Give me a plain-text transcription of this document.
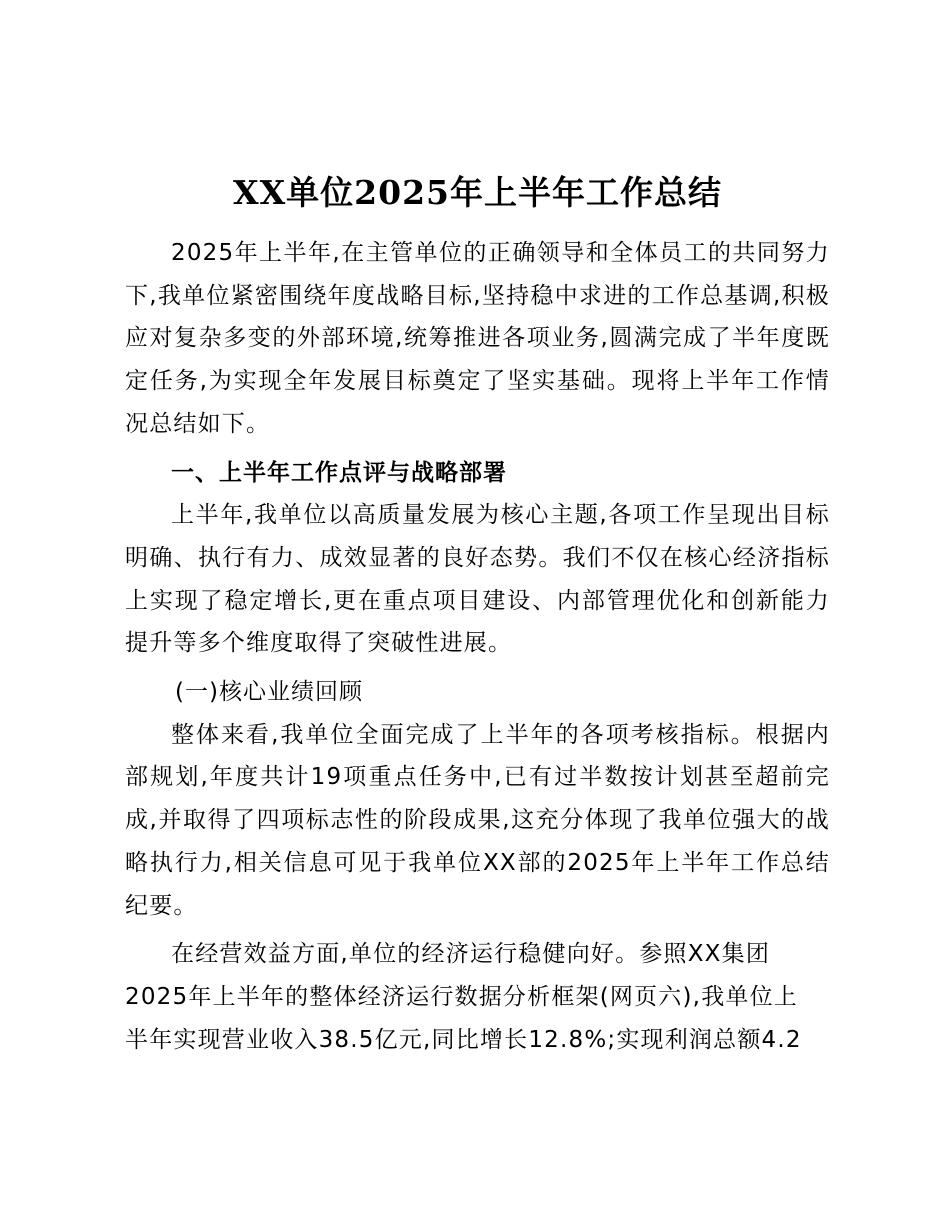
XX单位2025年上半年工作总结

2025年上半年,在主管单位的正确领导和全体员工的共同努力下,我单位紧密围绕年度战略目标,坚持稳中求进的工作总基调,积极应对复杂多变的外部环境,统筹推进各项业务,圆满完成了半年度既定任务,为实现全年发展目标奠定了坚实基础。现将上半年工作情况总结如下。

一、上半年工作点评与战略部署

上半年,我单位以高质量发展为核心主题,各项工作呈现出目标明确、执行有力、成效显著的良好态势。我们不仅在核心经济指标上实现了稳定增长,更在重点项目建设、内部管理优化和创新能力提升等多个维度取得了突破性进展。

(一)核心业绩回顾

整体来看,我单位全面完成了上半年的各项考核指标。根据内部规划,年度共计19项重点任务中,已有过半数按计划甚至超前完成,并取得了四项标志性的阶段成果,这充分体现了我单位强大的战略执行力,相关信息可见于我单位XX部的2025年上半年工作总结纪要。

在经营效益方面,单位的经济运行稳健向好。参照XX集团

2025年上半年的整体经济运行数据分析框架(网页六),我单位上

半年实现营业收入38.5亿元,同比增长12.8%;实现利润总额4.2
